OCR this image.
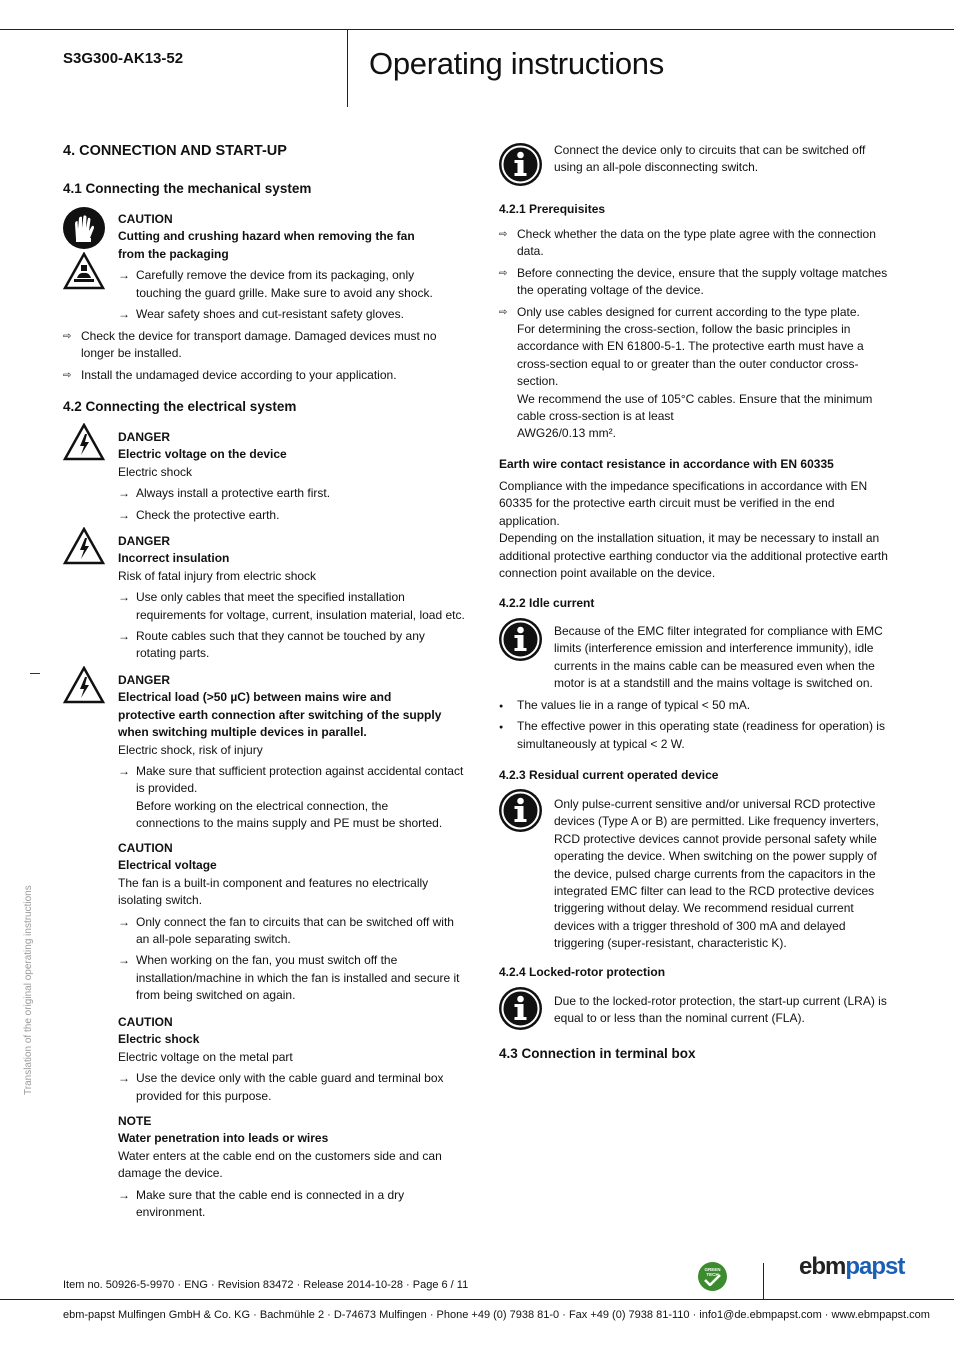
S3G300-AK13-52	Operating instructions
Translation of the original operating instructions
4. CONNECTION AND START-UP
4.1 Connecting the mechanical system
CAUTION
Cutting and crushing hazard when removing the fan
from the packaging
→ Carefully remove the device from its packaging, only
touching the guard grille. Make sure to avoid any shock.
→ Wear safety shoes and cut-resistant safety gloves.
⇨ Check the device for transport damage. Damaged devices must no
longer be installed.
⇨ Install the undamaged device according to your application.
4.2 Connecting the electrical system
DANGER
Electric voltage on the device
Electric shock
→ Always install a protective earth first.
→ Check the protective earth.
DANGER
Incorrect insulation
Risk of fatal injury from electric shock
→ Use only cables that meet the specified installation
requirements for voltage, current, insulation material, load etc.
→ Route cables such that they cannot be touched by any
rotating parts.
DANGER
Electrical load (>50 µC) between mains wire and
protective earth connection after switching of the supply
when switching multiple devices in parallel.
Electric shock, risk of injury
→ Make sure that sufficient protection against accidental contact
is provided.
Before working on the electrical connection, the
connections to the mains supply and PE must be shorted.
CAUTION
Electrical voltage
The fan is a built-in component and features no electrically
isolating switch.
→ Only connect the fan to circuits that can be switched off with
an all-pole separating switch.
→ When working on the fan, you must switch off the
installation/machine in which the fan is installed and secure it
from being switched on again.
CAUTION
Electric shock
Electric voltage on the metal part
→ Use the device only with the cable guard and terminal box
provided for this purpose.
NOTE
Water penetration into leads or wires
Water enters at the cable end on the customers side and can
damage the device.
→ Make sure that the cable end is connected in a dry
environment.
Connect the device only to circuits that can be switched off
using an all-pole disconnecting switch.
4.2.1 Prerequisites
⇨ Check whether the data on the type plate agree with the connection
data.
⇨ Before connecting the device, ensure that the supply voltage matches
the operating voltage of the device.
⇨ Only use cables designed for current according to the type plate.
For determining the cross-section, follow the basic principles in
accordance with EN 61800-5-1. The protective earth must have a
cross-section equal to or greater than the outer conductor cross-
section.
We recommend the use of 105°C cables. Ensure that the minimum
cable cross-section is at least
AWG26/0.13 mm².
Earth wire contact resistance in accordance with EN 60335
Compliance with the impedance specifications in accordance with EN
60335 for the protective earth circuit must be verified in the end
application.
Depending on the installation situation, it may be necessary to install an
additional protective earthing conductor via the additional protective earth
connection point available on the device.
4.2.2 Idle current
Because of the EMC filter integrated for compliance with EMC
limits (interference emission and interference immunity), idle
currents in the mains cable can be measured even when the
motor is at a standstill and the mains voltage is switched on.
● The values lie in a range of typical < 50 mA.
● The effective power in this operating state (readiness for operation) is
simultaneously at typical < 2 W.
4.2.3 Residual current operated device
Only pulse-current sensitive and/or universal RCD protective
devices (Type A or B) are permitted. Like frequency inverters,
RCD protective devices cannot provide personal safety while
operating the device. When switching on the power supply of
the device, pulsed charge currents from the capacitors in the
integrated EMC filter can lead to the RCD protective devices
triggering without delay. We recommend residual current
devices with a trigger threshold of 300 mA and delayed
triggering (super-resistant, characteristic K).
4.2.4 Locked-rotor protection
Due to the locked-rotor protection, the start-up current (LRA) is
equal to or less than the nominal current (FLA).
4.3 Connection in terminal box
Item no. 50926-5-9970 · ENG · Revision 83472 · Release 2014-10-28 · Page 6 / 11
GREEN TECH	ebmpapst
ebm-papst Mulfingen GmbH & Co. KG · Bachmühle 2 · D-74673 Mulfingen · Phone +49 (0) 7938 81-0 · Fax +49 (0) 7938 81-110 · info1@de.ebmpapst.com · www.ebmpapst.com
